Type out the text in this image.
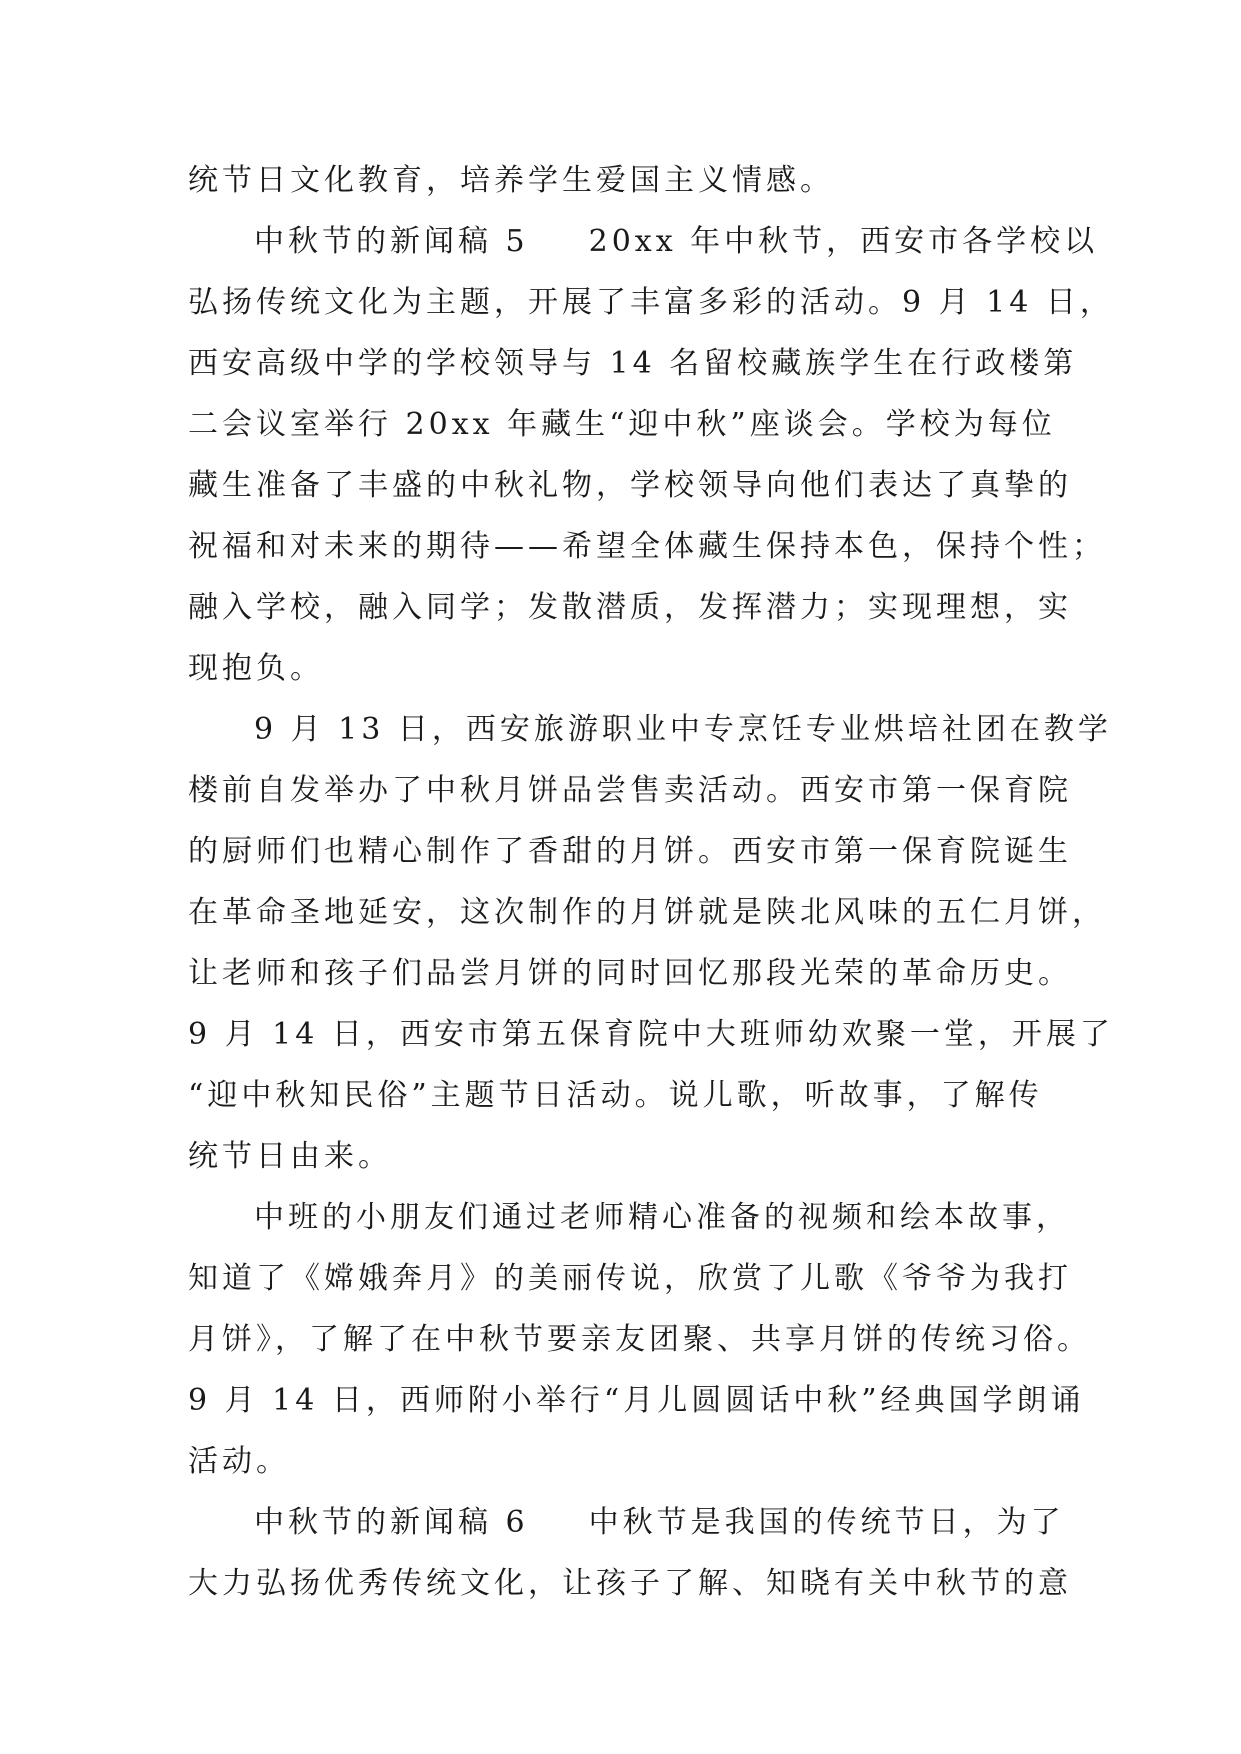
统节日文化教育，培养学生爱国主义情感。
中秋节的新闻稿 5 20xx 年中秋节，西安市各学校以
弘扬传统文化为主题，开展了丰富多彩的活动。9 月 14 日，
西安高级中学的学校领导与 14 名留校藏族学生在行政楼第
二会议室举行 20xx 年藏生“迎中秋”座谈会。学校为每位
藏生准备了丰盛的中秋礼物，学校领导向他们表达了真挚的
祝福和对未来的期待——希望全体藏生保持本色，保持个性；
融入学校，融入同学；发散潜质，发挥潜力；实现理想，实
现抱负。
9 月 13 日，西安旅游职业中专烹饪专业烘培社团在教学
楼前自发举办了中秋月饼品尝售卖活动。西安市第一保育院
的厨师们也精心制作了香甜的月饼。西安市第一保育院诞生
在革命圣地延安，这次制作的月饼就是陕北风味的五仁月饼，
让老师和孩子们品尝月饼的同时回忆那段光荣的革命历史。
9 月 14 日，西安市第五保育院中大班师幼欢聚一堂，开展了
“迎中秋知民俗”主题节日活动。说儿歌，听故事，了解传
统节日由来。
中班的小朋友们通过老师精心准备的视频和绘本故事，
知道了《嫦娥奔月》的美丽传说，欣赏了儿歌《爷爷为我打
月饼》，了解了在中秋节要亲友团聚、共享月饼的传统习俗。
9 月 14 日，西师附小举行“月儿圆圆话中秋”经典国学朗诵
活动。
中秋节的新闻稿 6 中秋节是我国的传统节日，为了
大力弘扬优秀传统文化，让孩子了解、知晓有关中秋节的意
